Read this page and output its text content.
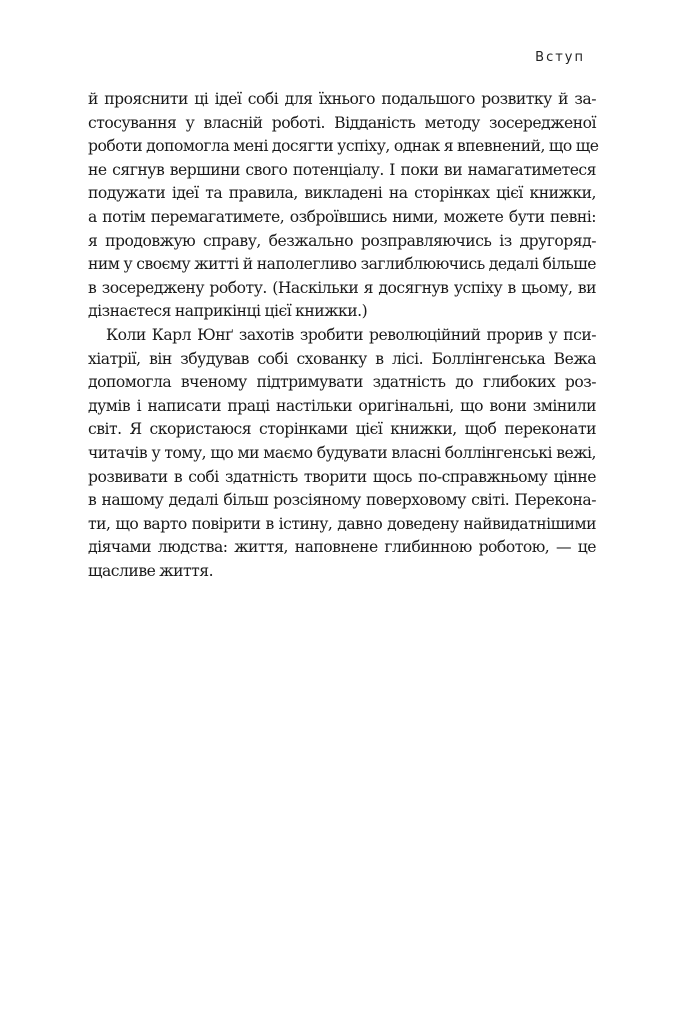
Вступ

й прояснити ці ідеї собі для їхнього подальшого розвитку й за-
стосування у власній роботі. Відданість методу зосередженої
роботи допомогла мені досягти успіху, однак я впевнений, що ще
не сягнув вершини свого потенціалу. І поки ви намагатиметеся
подужати ідеї та правила, викладені на сторінках цієї книжки,
а потім перемагатимете, озброївшись ними, можете бути певні:
я продовжую справу, безжально розправляючись із другоряд-
ним у своєму житті й наполегливо заглиблюючись дедалі більше
в зосереджену роботу. (Наскільки я досягнув успіху в цьому, ви
дізнаєтеся наприкінці цієї книжки.)

Коли Карл Юнґ захотів зробити революційний прорив у пси-
хіатрії, він збудував собі схованку в лісі. Боллінгенська Вежа
допомогла вченому підтримувати здатність до глибоких роз-
думів і написати праці настільки оригінальні, що вони змінили
світ. Я скористаюся сторінками цієї книжки, щоб переконати
читачів у тому, що ми маємо будувати власні боллінгенські вежі,
розвивати в собі здатність творити щось по-справжньому цінне
в нашому дедалі більш розсіяному поверховому світі. Переконa-
ти, що варто повірити в істину, давно доведену найвидатнішими
діячами людства: життя, наповнене глибинною роботою, — це
щасливе життя.
